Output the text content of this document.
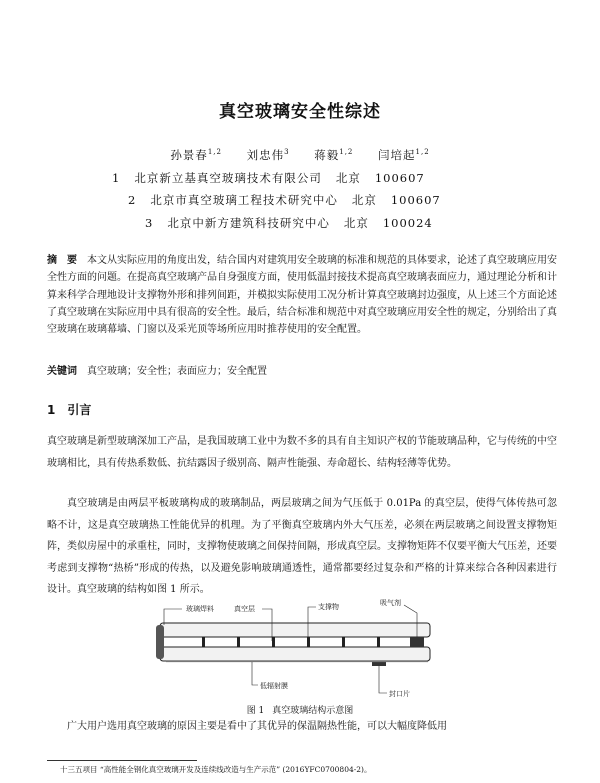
真空玻璃安全性综述
孙景春$^{1,2}$ 刘忠伟$^3$ 蒋毅$^{1,2}$ 闫培起$^{1,2}$
1 北京新立基真空玻璃技术有限公司 北京 100607
2 北京市真空玻璃工程技术研究中心 北京 100607
3 北京中新方建筑科技研究中心 北京 100024
摘　要 本文从实际应用的角度出发，结合国内对建筑用安全玻璃的标准和规范的具体要求，论述了真空玻璃应用安全性方面的问题。在提高真空玻璃产品自身强度方面，使用低温封接技术提高真空玻璃表面应力，通过理论分析和计算来科学合理地设计支撑物外形和排列间距，并模拟实际使用工况分析计算真空玻璃封边强度，从上述三个方面论述了真空玻璃在实际应用中具有很高的安全性。最后，结合标准和规范中对真空玻璃应用安全性的规定，分别给出了真空玻璃在玻璃幕墙、门窗以及采光顶等场所应用时推荐使用的安全配置。
关键词 真空玻璃；安全性；表面应力；安全配置
1 引言
真空玻璃是新型玻璃深加工产品，是我国玻璃工业中为数不多的具有自主知识产权的节能玻璃品种，它与传统的中空玻璃相比，具有传热系数低、抗结露因子级别高、隔声性能强、寿命超长、结构轻薄等优势。
真空玻璃是由两层平板玻璃构成的玻璃制品，两层玻璃之间为气压低于 0.01Pa 的真空层，使得气体传热可忽略不计，这是真空玻璃热工性能优异的机理。为了平衡真空玻璃内外大气压差，必须在两层玻璃之间设置支撑物矩阵，类似房屋中的承重柱，同时，支撑物使玻璃之间保持间隔，形成真空层。支撑物矩阵不仅要平衡大气压差，还要考虑到支撑物“热桥”形成的传热，以及避免影响玻璃通透性，通常都要经过复杂和严格的计算来综合各种因素进行设计。真空玻璃的结构如图 1 所示。
玻璃焊料	真空层	支撑物	吸气剂
低辐射膜
封口片
图 1 真空玻璃结构示意图
广大用户选用真空玻璃的原因主要是看中了其优异的保温隔热性能，可以大幅度降低用
十三五项目 “高性能全钢化真空玻璃开发及连续线改造与生产示范” (2016YFC0700804-2)。
